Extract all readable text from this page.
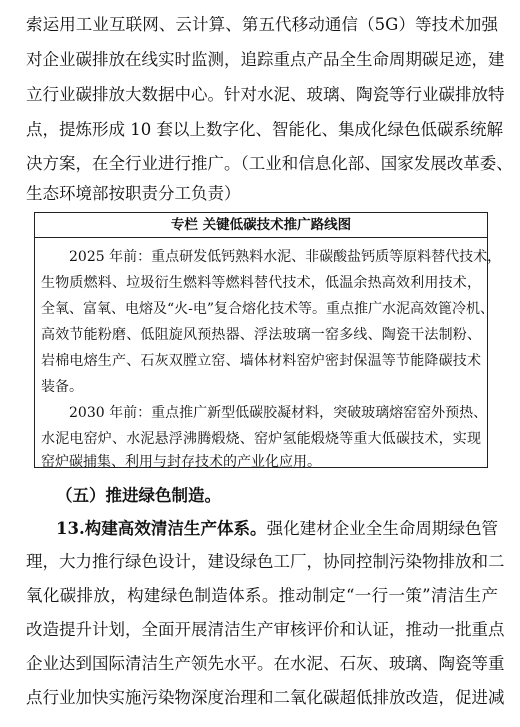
索运用工业互联网、云计算、第五代移动通信（5G）等技术加强
对企业碳排放在线实时监测，追踪重点产品全生命周期碳足迹，建
立行业碳排放大数据中心。针对水泥、玻璃、陶瓷等行业碳排放特
点，提炼形成 10 套以上数字化、智能化、集成化绿色低碳系统解
决方案，在全行业进行推广。（工业和信息化部、国家发展改革委、
生态环境部按职责分工负责）
专栏 关键低碳技术推广路线图
2025 年前：重点研发低钙熟料水泥、非碳酸盐钙质等原料替代技术，
生物质燃料、垃圾衍生燃料等燃料替代技术，低温余热高效利用技术，
全氧、富氧、电熔及“火-电”复合熔化技术等。重点推广水泥高效篦冷机、
高效节能粉磨、低阻旋风预热器、浮法玻璃一窑多线、陶瓷干法制粉、
岩棉电熔生产、石灰双膛立窑、墙体材料窑炉密封保温等节能降碳技术
装备。
2030 年前：重点推广新型低碳胶凝材料，突破玻璃熔窑窑外预热、
水泥电窑炉、水泥悬浮沸腾煅烧、窑炉氢能煅烧等重大低碳技术，实现
窑炉碳捕集、利用与封存技术的产业化应用。
（五）推进绿色制造。
13.构建高效清洁生产体系。强化建材企业全生命周期绿色管
理，大力推行绿色设计，建设绿色工厂，协同控制污染物排放和二
氧化碳排放，构建绿色制造体系。推动制定“一行一策”清洁生产
改造提升计划，全面开展清洁生产审核评价和认证，推动一批重点
企业达到国际清洁生产领先水平。在水泥、石灰、玻璃、陶瓷等重
点行业加快实施污染物深度治理和二氧化碳超低排放改造，促进减
